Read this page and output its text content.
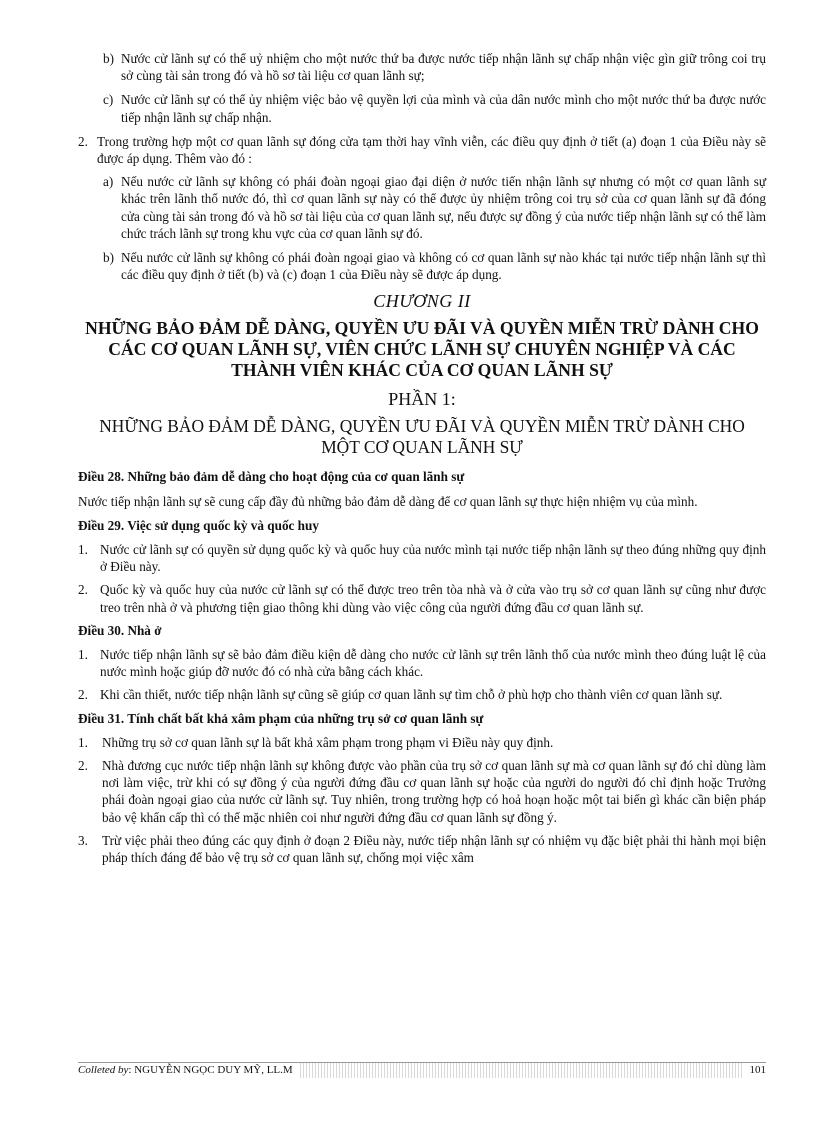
b) Nước cử lãnh sự có thể uỷ nhiệm cho một nước thứ ba được nước tiếp nhận lãnh sự chấp nhận việc gìn giữ trông coi trụ sở cùng tài sản trong đó và hồ sơ tài liệu cơ quan lãnh sự;
c) Nước cử lãnh sự có thể ủy nhiệm việc bảo vệ quyền lợi của mình và của dân nước mình cho một nước thứ ba được nước tiếp nhận lãnh sự chấp nhận.
2. Trong trường hợp một cơ quan lãnh sự đóng cửa tạm thời hay vĩnh viễn, các điều quy định ở tiết (a) đoạn 1 của Điều này sẽ được áp dụng. Thêm vào đó :
a) Nếu nước cử lãnh sự không có phái đoàn ngoại giao đại diện ở nước tiến nhận lãnh sự nhưng có một cơ quan lãnh sự khác trên lãnh thổ nước đó, thì cơ quan lãnh sự này có thể được ủy nhiệm trông coi trụ sở của cơ quan lãnh sự đã đóng cửa cùng tài sản trong đó và hồ sơ tài liệu của cơ quan lãnh sự, nếu được sự đồng ý của nước tiếp nhận lãnh sự có thể làm chức trách lãnh sự trong khu vực của cơ quan lãnh sự đó.
b) Nếu nước cử lãnh sự không có phái đoàn ngoại giao và không có cơ quan lãnh sự nào khác tại nước tiếp nhận lãnh sự thì các điều quy định ở tiết (b) và (c) đoạn 1 của Điều này sẽ được áp dụng.
CHƯƠNG II
NHỮNG BẢO ĐẢM DỄ DÀNG, QUYỀN ƯU ĐÃI VÀ QUYỀN MIỄN TRỪ DÀNH CHO CÁC CƠ QUAN LÃNH SỰ, VIÊN CHỨC LÃNH SỰ CHUYÊN NGHIỆP VÀ CÁC THÀNH VIÊN KHÁC CỦA CƠ QUAN LÃNH SỰ
PHẦN 1:
NHỮNG BẢO ĐẢM DỄ DÀNG, QUYỀN ƯU ĐÃI VÀ QUYỀN MIỄN TRỪ DÀNH CHO MỘT CƠ QUAN LÃNH SỰ
Điều 28. Những bảo đảm dễ dàng cho hoạt động của cơ quan lãnh sự
Nước tiếp nhận lãnh sự sẽ cung cấp đầy đủ những bảo đảm dễ dàng để cơ quan lãnh sự thực hiện nhiệm vụ của mình.
Điều 29. Việc sử dụng quốc kỳ và quốc huy
1. Nước cử lãnh sự có quyền sử dụng quốc kỳ và quốc huy của nước mình tại nước tiếp nhận lãnh sự theo đúng những quy định ở Điều này.
2. Quốc kỳ và quốc huy của nước cử lãnh sự có thể được treo trên tòa nhà và ở cửa vào trụ sở cơ quan lãnh sự cũng như được treo trên nhà ở và phương tiện giao thông khi dùng vào việc công của người đứng đầu cơ quan lãnh sự.
Điều 30. Nhà ở
1. Nước tiếp nhận lãnh sự sẽ bảo đảm điều kiện dễ dàng cho nước cử lãnh sự trên lãnh thổ của nước mình theo đúng luật lệ của nước mình hoặc giúp đỡ nước đó có nhà cửa bằng cách khác.
2. Khi cần thiết, nước tiếp nhận lãnh sự cũng sẽ giúp cơ quan lãnh sự tìm chỗ ở phù hợp cho thành viên cơ quan lãnh sự.
Điều 31. Tính chất bất khả xâm phạm của những trụ sở cơ quan lãnh sự
1. Những trụ sở cơ quan lãnh sự là bất khả xâm phạm trong phạm vi Điều này quy định.
2. Nhà đương cục nước tiếp nhận lãnh sự không được vào phần của trụ sở cơ quan lãnh sự mà cơ quan lãnh sự đó chỉ dùng làm nơi làm việc, trừ khi có sự đồng ý của người đứng đầu cơ quan lãnh sự hoặc của người do người đó chỉ định hoặc Trưởng phái đoàn ngoại giao của nước cử lãnh sự. Tuy nhiên, trong trường hợp có hoả hoạn hoặc một tai biến gì khác cần biện pháp bảo vệ khẩn cấp thì có thể mặc nhiên coi như người đứng đầu cơ quan lãnh sự đồng ý.
3. Trừ việc phải theo đúng các quy định ở đoạn 2 Điều này, nước tiếp nhận lãnh sự có nhiệm vụ đặc biệt phải thi hành mọi biện pháp thích đáng để bảo vệ trụ sở cơ quan lãnh sự, chống mọi việc xâm
Colleted by: NGUYỄN NGỌC DUY MỸ, LL.M	101
